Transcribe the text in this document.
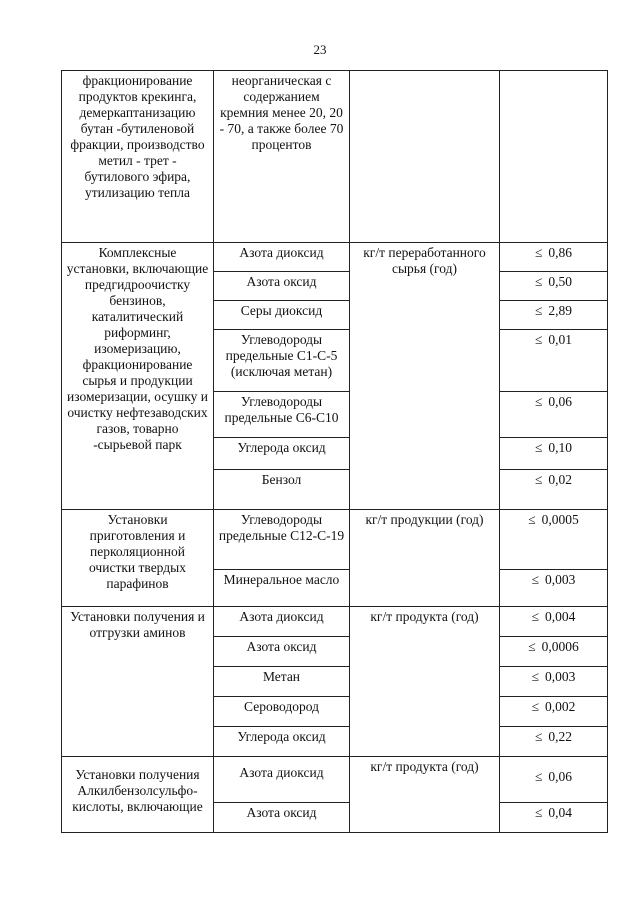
23
фракционирование продуктов крекинга, демеркаптанизацию бутан -бутиленовой фракции, производство метил - трет - бутилового эфира, утилизацию тепла	неорганическая с содержанием кремния менее 20, 20 - 70, а также более 70 процентов		
Комплексные установки, включающие предгидроочистку бензинов, каталитический риформинг, изомеризацию, фракционирование сырья и продукции изомеризации, осушку и очистку нефтезаводских газов, товарно -сырьевой парк	Азота диоксид	кг/т переработанного сырья (год)	≤ 0,86
	Азота оксид		≤ 0,50
	Серы диоксид		≤ 2,89
	Углеводороды предельные С1-С-5 (исключая метан)		≤ 0,01
	Углеводороды предельные С6-С10		≤ 0,06
	Углерода оксид		≤ 0,10
	Бензол		≤ 0,02
Установки приготовления и перколяционной очистки твердых парафинов	Углеводороды предельные С12-С-19	кг/т продукции (год)	≤ 0,0005
	Минеральное масло		≤ 0,003
Установки получения и отгрузки аминов	Азота диоксид	кг/т продукта (год)	≤ 0,004
	Азота оксид		≤ 0,0006
	Метан		≤ 0,003
	Сероводород		≤ 0,002
	Углерода оксид		≤ 0,22
Установки получения Алкилбензолсульфо-кислоты, включающие	Азота диоксид	кг/т продукта (год)	≤ 0,06
	Азота оксид		≤ 0,04
